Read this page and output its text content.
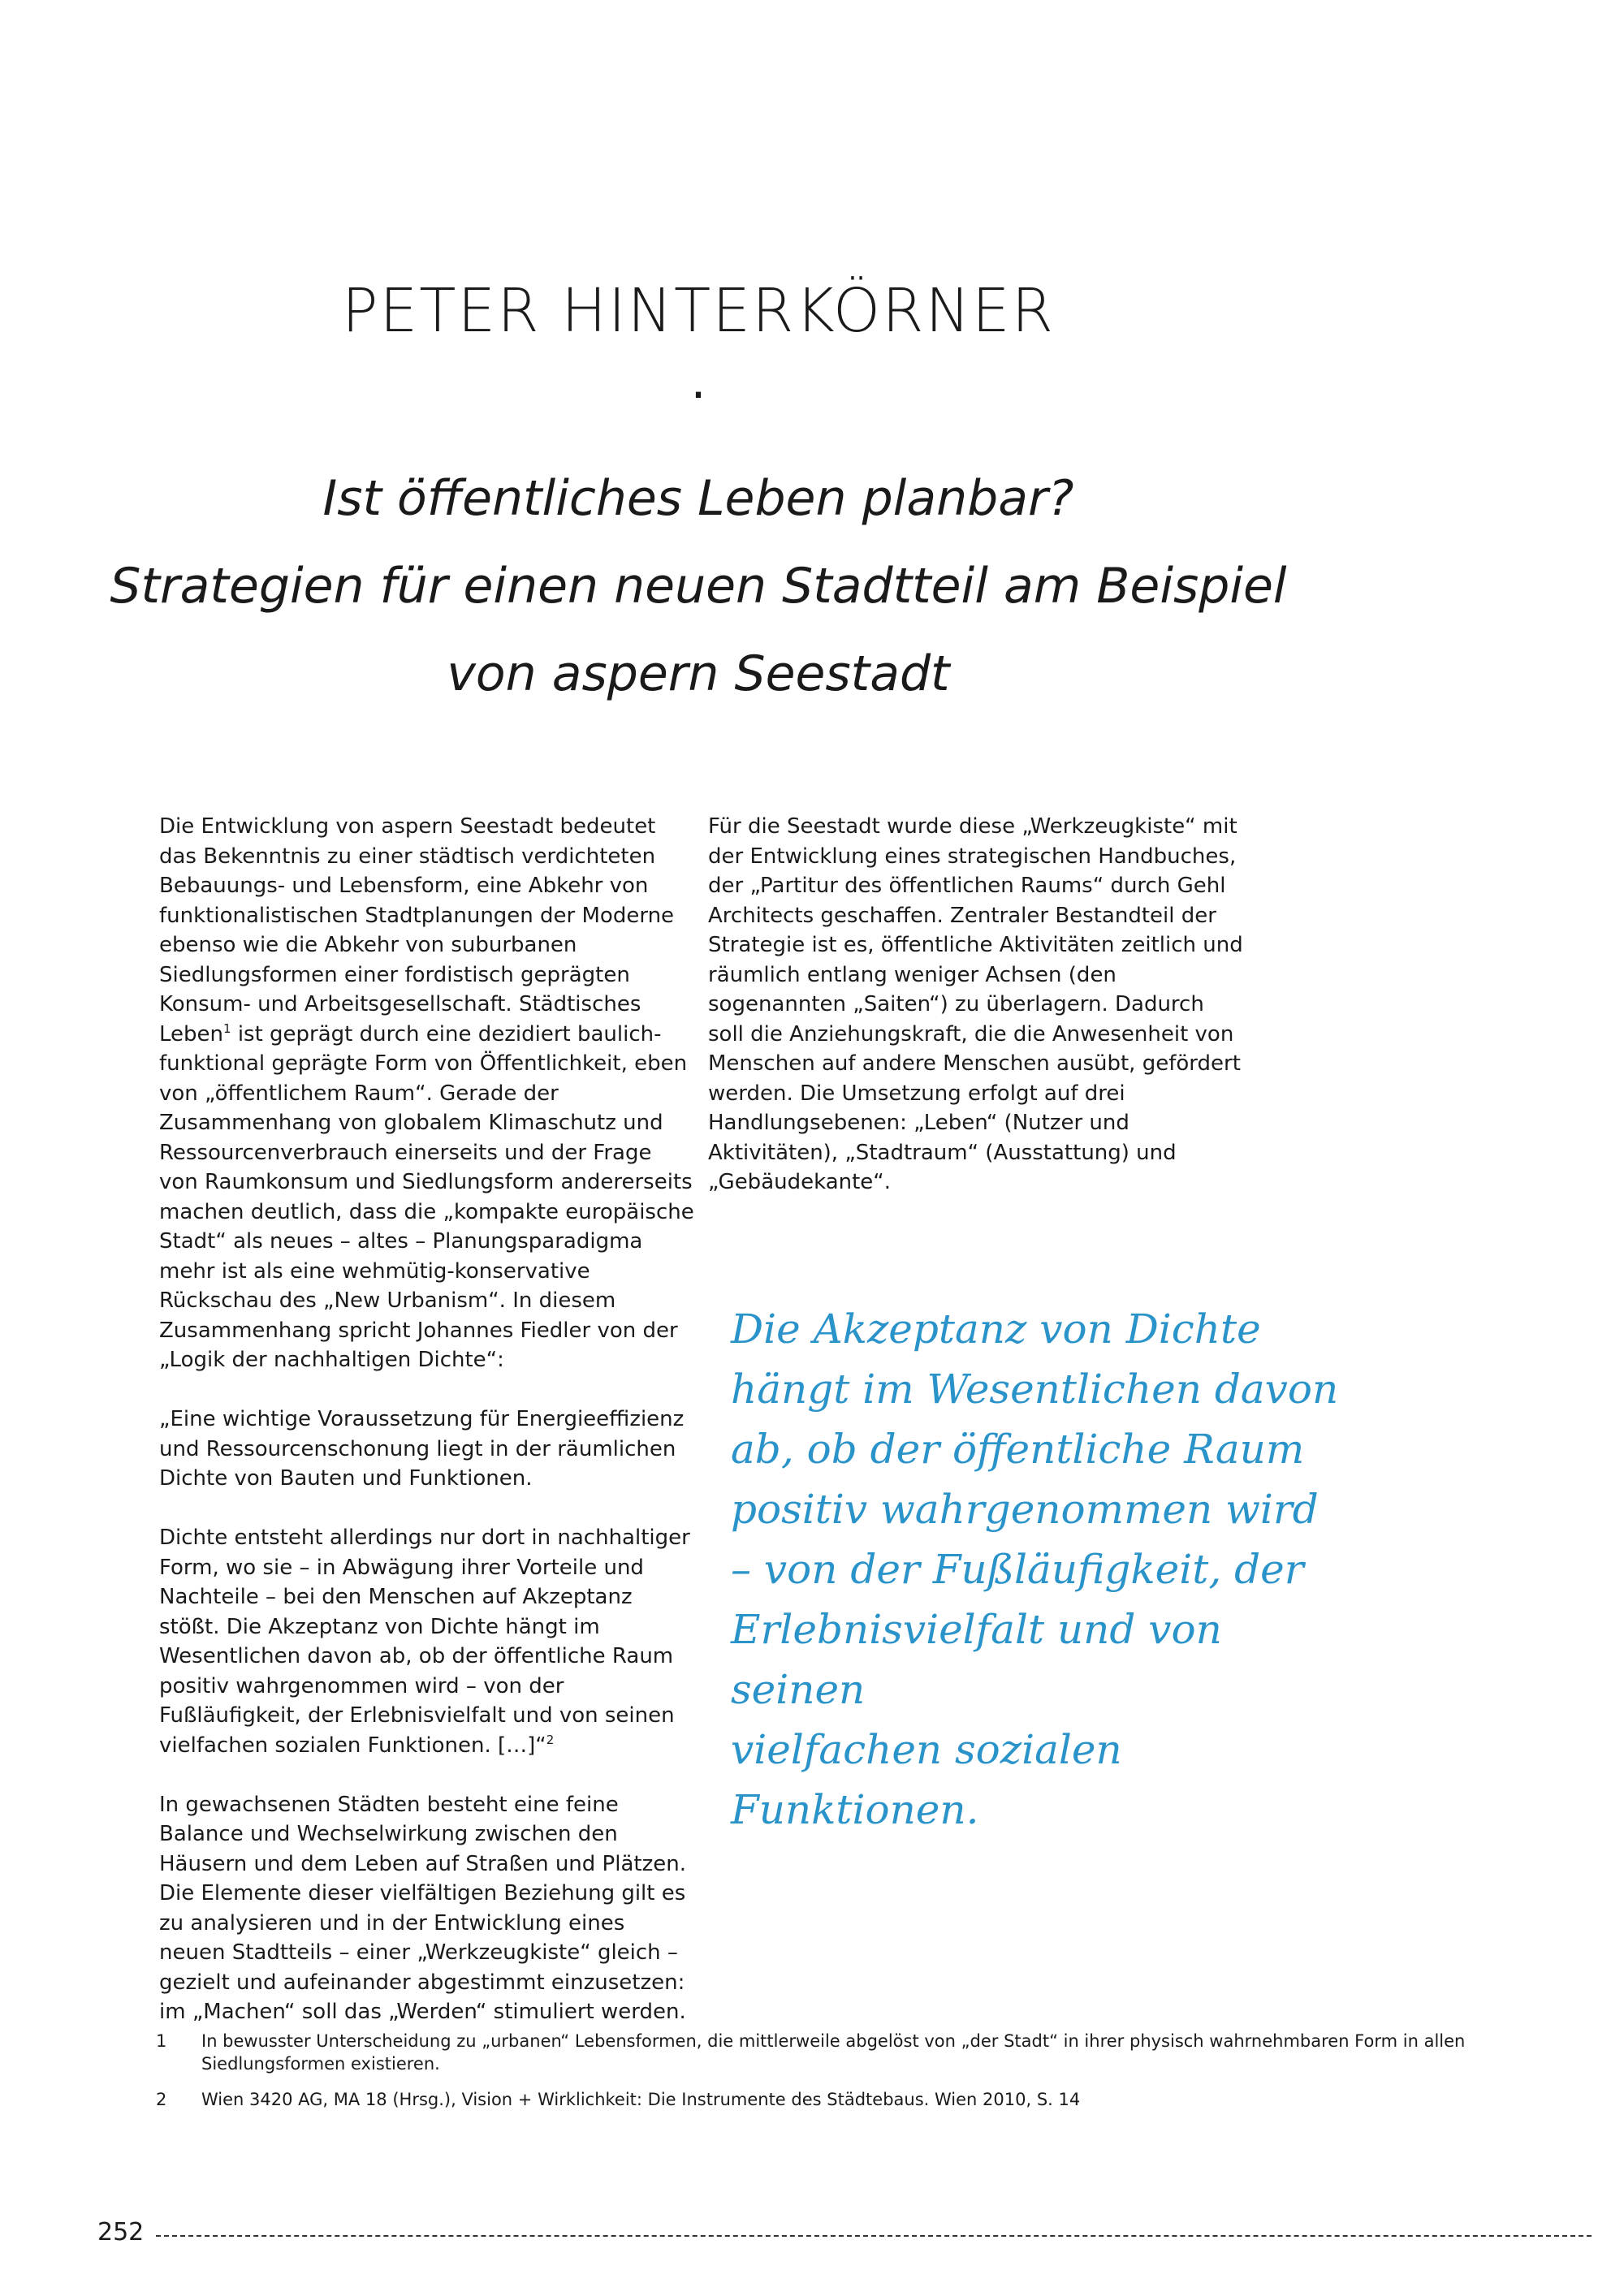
PETER HINTERKÖRNER
.
Ist öffentliches Leben planbar?
Strategien für einen neuen Stadtteil am Beispiel
von aspern Seestadt

Die Entwicklung von aspern Seestadt bedeutet das Bekenntnis zu einer städtisch verdichteten Bebauungs- und Lebensform, eine Abkehr von funktionalistischen Stadtplanungen der Moderne ebenso wie die Abkehr von suburbanen Siedlungsformen einer fordistisch geprägten Konsum- und Arbeitsgesellschaft. Städtisches Leben$^1$ ist geprägt durch eine dezidiert baulich-funktional geprägte Form von Öffentlichkeit, eben von „öffentlichem Raum“. Gerade der Zusammenhang von globalem Klimaschutz und Ressourcenverbrauch einerseits und der Frage von Raumkonsum und Siedlungsform andererseits machen deutlich, dass die „kompakte europäische Stadt“ als neues – altes – Planungsparadigma mehr ist als eine wehmütig-konservative Rückschau des „New Urbanism“. In diesem Zusammenhang spricht Johannes Fiedler von der „Logik der nachhaltigen Dichte“:

„Eine wichtige Voraussetzung für Energieeffizienz und Ressourcenschonung liegt in der räumlichen Dichte von Bauten und Funktionen.

Dichte entsteht allerdings nur dort in nachhaltiger Form, wo sie – in Abwägung ihrer Vorteile und Nachteile – bei den Menschen auf Akzeptanz stößt. Die Akzeptanz von Dichte hängt im Wesentlichen davon ab, ob der öffentliche Raum positiv wahrgenommen wird – von der Fußläufigkeit, der Erlebnisvielfalt und von seinen vielfachen sozialen Funktionen. […]“$^2$

In gewachsenen Städten besteht eine feine Balance und Wechselwirkung zwischen den Häusern und dem Leben auf Straßen und Plätzen. Die Elemente dieser vielfältigen Beziehung gilt es zu analysieren und in der Entwicklung eines neuen Stadtteils – einer „Werkzeugkiste“ gleich – gezielt und aufeinander abgestimmt einzusetzen: im „Machen“ soll das „Werden“ stimuliert werden.

Für die Seestadt wurde diese „Werkzeugkiste“ mit der Entwicklung eines strategischen Handbuches, der „Partitur des öffentlichen Raums“ durch Gehl Architects geschaffen. Zentraler Bestandteil der Strategie ist es, öffentliche Aktivitäten zeitlich und räumlich entlang weniger Achsen (den sogenannten „Saiten“) zu überlagern. Dadurch soll die Anziehungskraft, die die Anwesenheit von Menschen auf andere Menschen ausübt, gefördert werden. Die Umsetzung erfolgt auf drei Handlungsebenen: „Leben“ (Nutzer und Aktivitäten), „Stadtraum“ (Ausstattung) und „Gebäudekante“.

Die Akzeptanz von Dichte
hängt im Wesentlichen davon
ab, ob der öffentliche Raum
positiv wahrgenommen wird
– von der Fußläufigkeit, der
Erlebnisvielfalt und von seinen
vielfachen sozialen Funktionen.
1 In bewusster Unterscheidung zu „urbanen“ Lebensformen, die mittlerweile abgelöst von „der Stadt“ in ihrer physisch wahrnehmbaren Form in allen Siedlungsformen existieren.
2 Wien 3420 AG, MA 18 (Hrsg.), Vision + Wirklichkeit: Die Instrumente des Städtebaus. Wien 2010, S. 14
252
